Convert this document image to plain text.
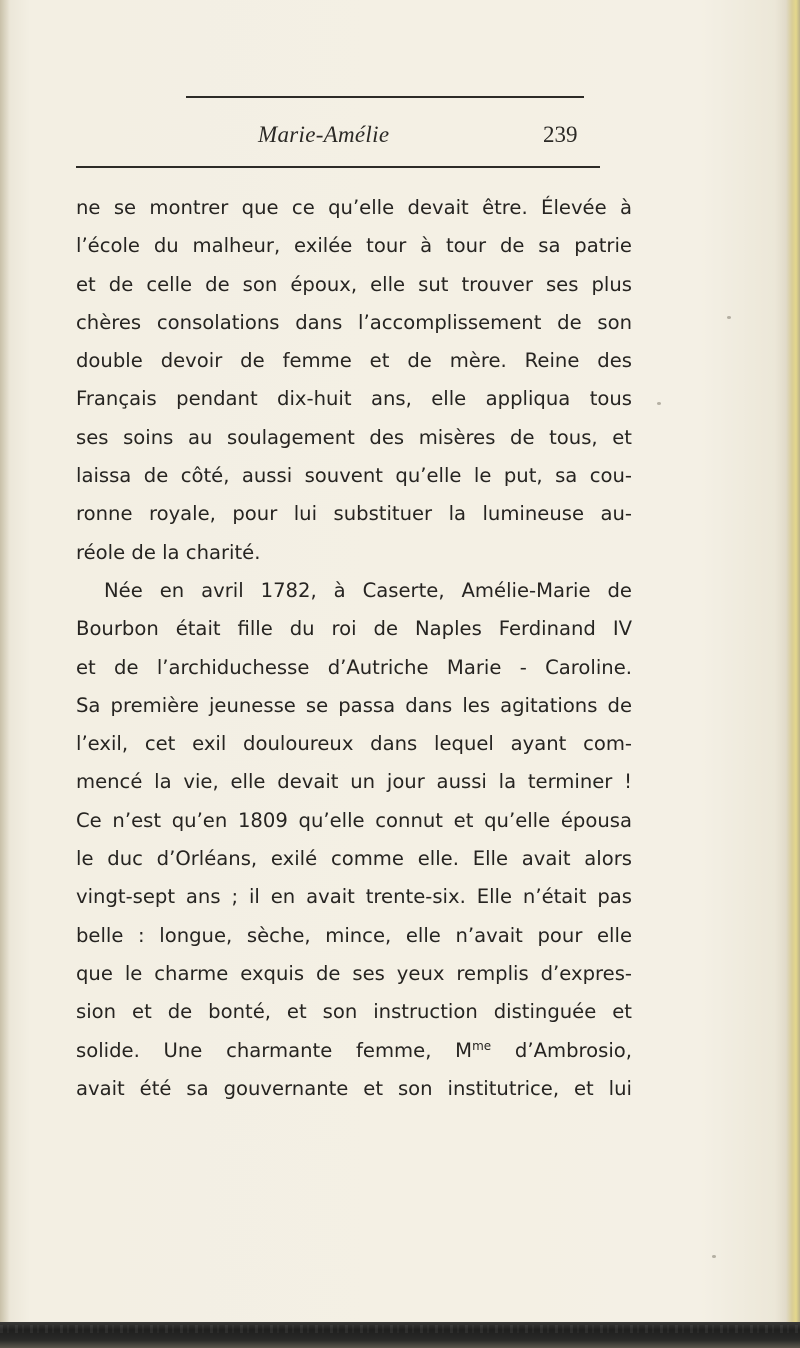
Marie-Amélie	239
ne se montrer que ce qu’elle devait être. Élevée à
l’école du malheur, exilée tour à tour de sa patrie
et de celle de son époux, elle sut trouver ses plus
chères consolations dans l’accomplissement de son
double devoir de femme et de mère. Reine des
Français pendant dix-huit ans, elle appliqua tous
ses soins au soulagement des misères de tous, et
laissa de côté, aussi souvent qu’elle le put, sa cou-
ronne royale, pour lui substituer la lumineuse au-
réole de la charité.
Née en avril 1782, à Caserte, Amélie-Marie de
Bourbon était fille du roi de Naples Ferdinand IV
et de l’archiduchesse d’Autriche Marie - Caroline.
Sa première jeunesse se passa dans les agitations de
l’exil, cet exil douloureux dans lequel ayant com-
mencé la vie, elle devait un jour aussi la terminer !
Ce n’est qu’en 1809 qu’elle connut et qu’elle épousa
le duc d’Orléans, exilé comme elle. Elle avait alors
vingt-sept ans ; il en avait trente-six. Elle n’était pas
belle : longue, sèche, mince, elle n’avait pour elle
que le charme exquis de ses yeux remplis d’expres-
sion et de bonté, et son instruction distinguée et
solide. Une charmante femme, $M^{me}$ d’Ambrosio,
avait été sa gouvernante et son institutrice, et lui
